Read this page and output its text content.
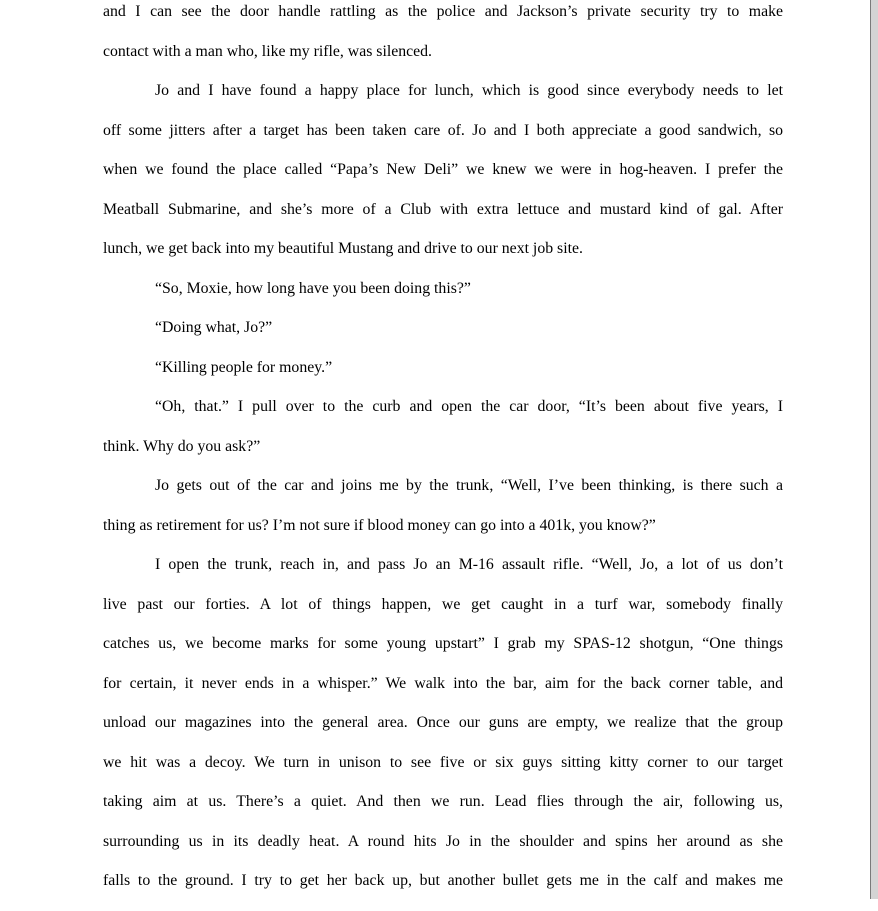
and I can see the door handle rattling as the police and Jackson’s private security try to make
contact with a man who, like my rifle, was silenced.
Jo and I have found a happy place for lunch, which is good since everybody needs to let
off some jitters after a target has been taken care of. Jo and I both appreciate a good sandwich, so
when we found the place called “Papa’s New Deli” we knew we were in hog-heaven. I prefer the
Meatball Submarine, and she’s more of a Club with extra lettuce and mustard kind of gal. After
lunch, we get back into my beautiful Mustang and drive to our next job site.
“So, Moxie, how long have you been doing this?”
“Doing what, Jo?”
“Killing people for money.”
“Oh, that.” I pull over to the curb and open the car door, “It’s been about five years, I
think. Why do you ask?”
Jo gets out of the car and joins me by the trunk, “Well, I’ve been thinking, is there such a
thing as retirement for us? I’m not sure if blood money can go into a 401k, you know?”
I open the trunk, reach in, and pass Jo an M-16 assault rifle. “Well, Jo, a lot of us don’t
live past our forties. A lot of things happen, we get caught in a turf war, somebody finally
catches us, we become marks for some young upstart” I grab my SPAS-12 shotgun, “One things
for certain, it never ends in a whisper.” We walk into the bar, aim for the back corner table, and
unload our magazines into the general area. Once our guns are empty, we realize that the group
we hit was a decoy. We turn in unison to see five or six guys sitting kitty corner to our target
taking aim at us. There’s a quiet. And then we run. Lead flies through the air, following us,
surrounding us in its deadly heat. A round hits Jo in the shoulder and spins her around as she
falls to the ground. I try to get her back up, but another bullet gets me in the calf and makes me
